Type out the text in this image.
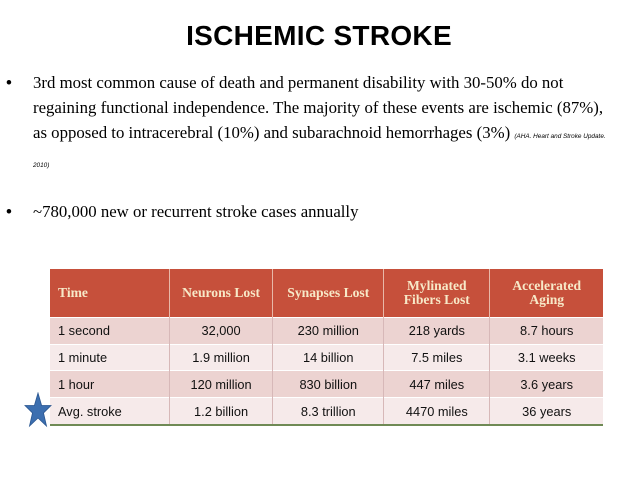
ISCHEMIC STROKE
• 3rd most common cause of death and permanent disability with 30-50% do not regaining functional independence. The majority of these events are ischemic (87%), as opposed to intracerebral (10%) and subarachnoid hemorrhages (3%) (AHA. Heart and Stroke Update. 2010)
• ~780,000 new or recurrent stroke cases annually
Time	Neurons Lost	Synapses Lost	Mylinated Fibers Lost	Accelerated Aging
1 second	32,000	230 million	218 yards	8.7 hours
1 minute	1.9 million	14 billion	7.5 miles	3.1 weeks
1 hour	120 million	830 billion	447 miles	3.6 years
Avg. stroke	1.2 billion	8.3 trillion	4470 miles	36 years
